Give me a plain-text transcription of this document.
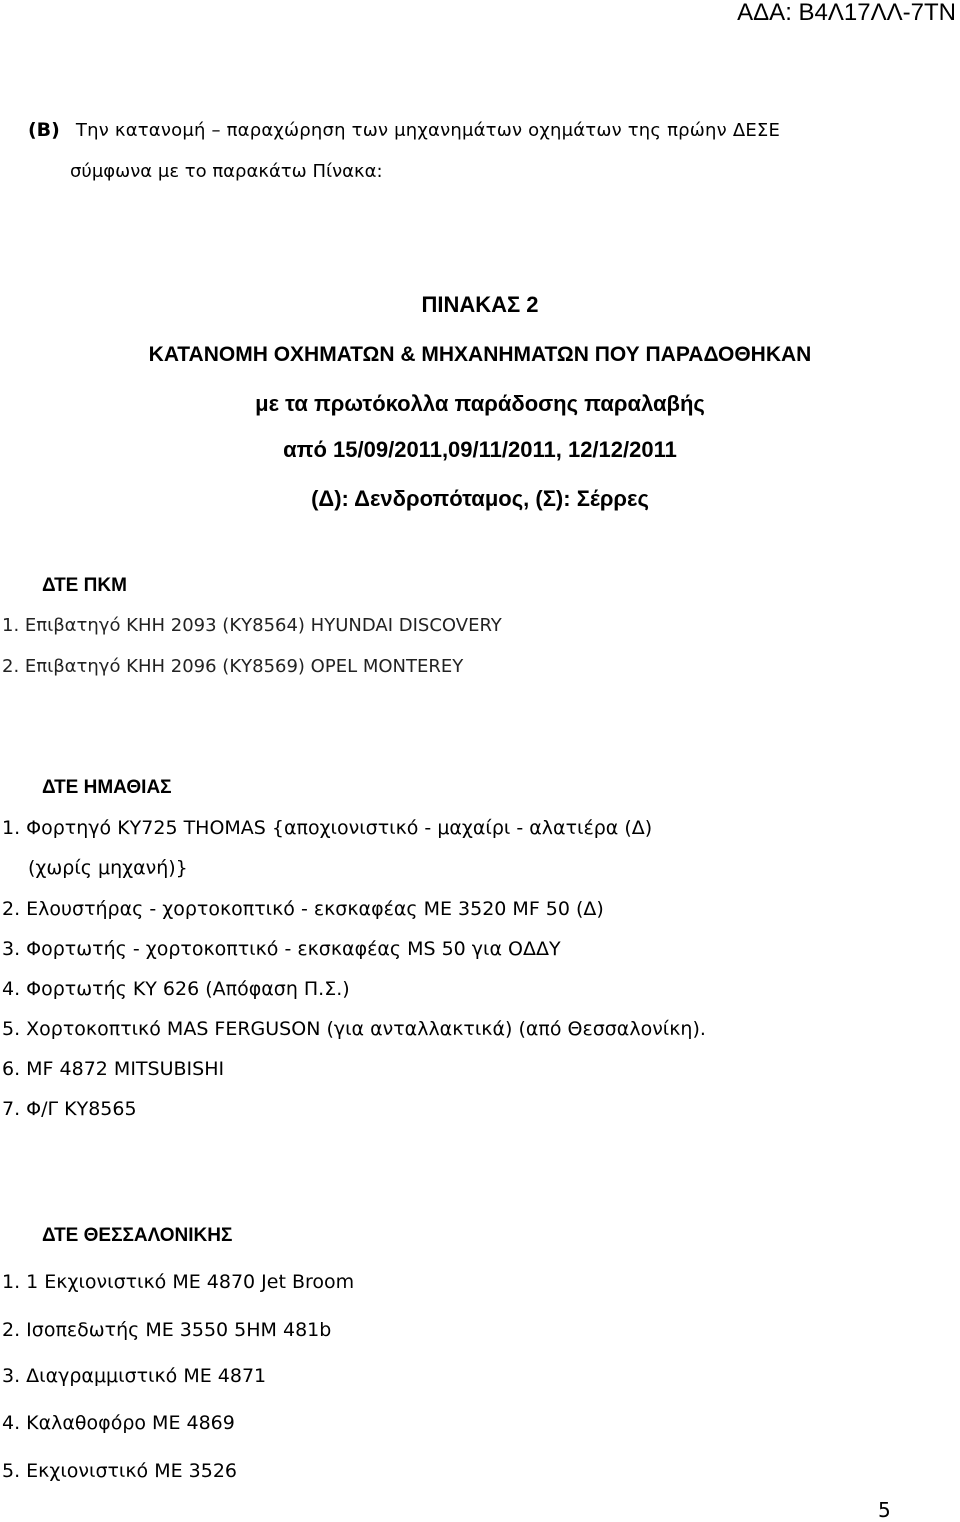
ΑΔΑ: Β4Λ17ΛΛ-7ΤΝ
(Β) Την κατανομή – παραχώρηση των μηχανημάτων οχημάτων της πρώην ΔΕΣΕ
σύμφωνα με το παρακάτω Πίνακα:
ΠΙΝΑΚΑΣ 2
ΚΑΤΑΝΟΜΗ ΟΧΗΜΑΤΩΝ & ΜΗΧΑΝΗΜΑΤΩΝ ΠΟΥ ΠΑΡΑΔΟΘΗΚΑΝ
με τα πρωτόκολλα παράδοσης παραλαβής
από 15/09/2011,09/11/2011, 12/12/2011
(Δ): Δενδροπόταμος, (Σ): Σέρρες
ΔΤΕ ΠΚΜ
1. Επιβατηγό ΚΗΗ 2093 (ΚΥ8564) HYUNDAI DISCOVERY
2. Επιβατηγό ΚΗΗ 2096 (ΚΥ8569) OPEL MONTEREY
ΔΤΕ ΗΜΑΘΙΑΣ
1. Φορτηγό ΚΥ725 THOMAS {αποχιονιστικό - μαχαίρι - αλατιέρα (Δ)
(χωρίς μηχανή)}
2. Ελουστήρας - χορτοκοπτικό - εκσκαφέας ΜΕ 3520 MF 50 (Δ)
3. Φορτωτής - χορτοκοπτικό - εκσκαφέας MS 50 για ΟΔΔΥ
4. Φορτωτής ΚΥ 626 (Απόφαση Π.Σ.)
5. Χορτοκοπτικό MAS FERGUSON (για ανταλλακτικά) (από Θεσσαλονίκη).
6. MF 4872 MITSUBISHI
7. Φ/Γ ΚΥ8565
ΔΤΕ ΘΕΣΣΑΛΟΝΙΚΗΣ
1. 1 Εκχιονιστικό ΜΕ 4870 Jet Broom
2. Ισοπεδωτής ΜΕ 3550 5ΗΜ 481b
3. Διαγραμμιστικό ΜΕ 4871
4. Καλαθοφόρο ΜΕ 4869
5. Εκχιονιστικό ΜΕ 3526
5
